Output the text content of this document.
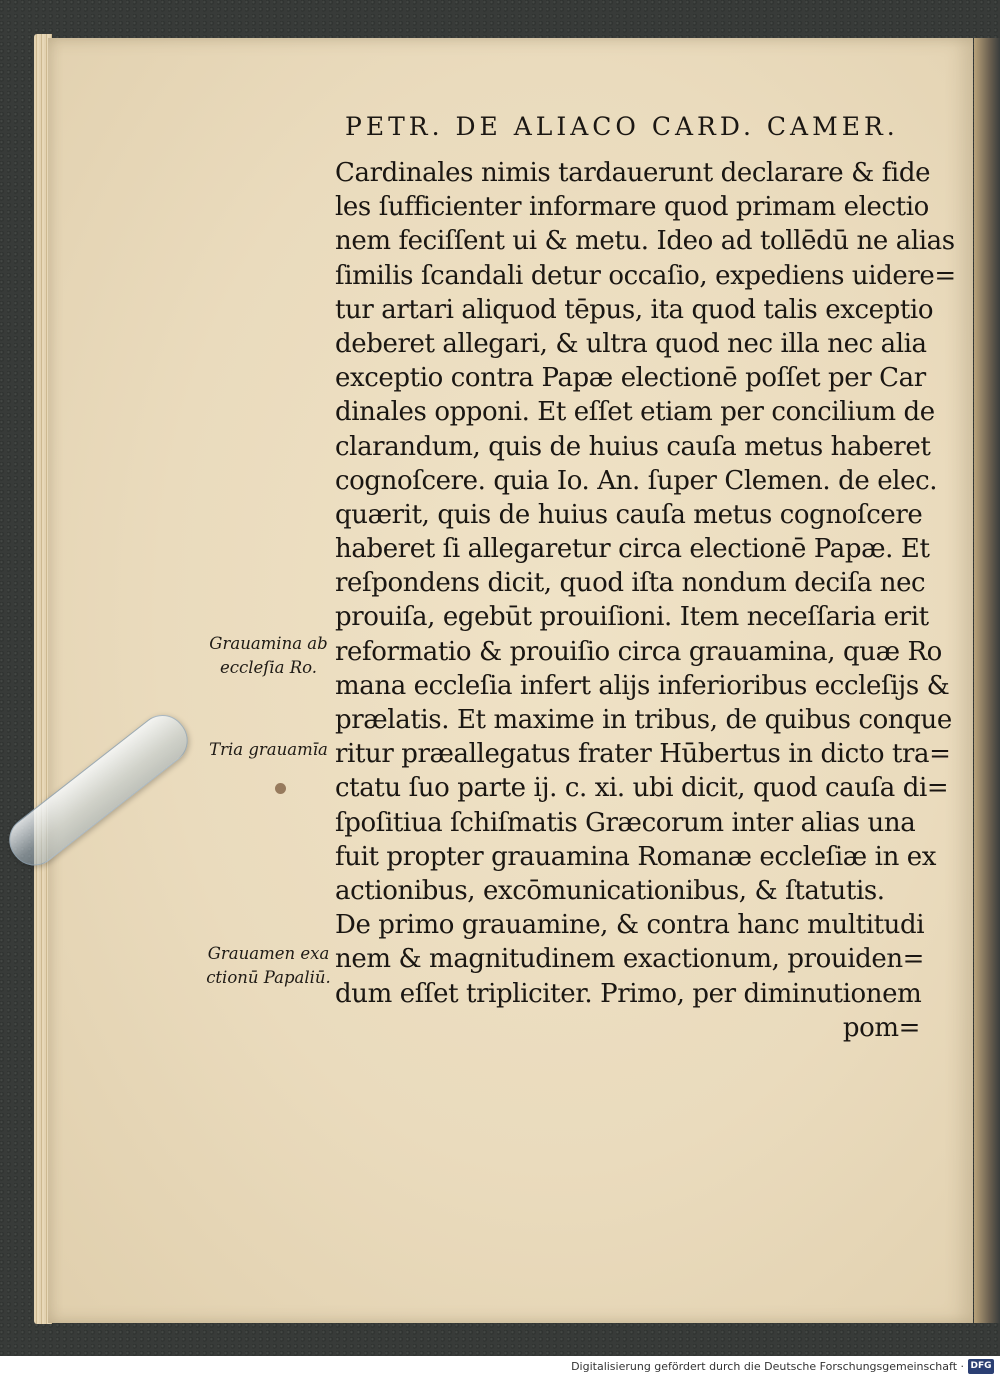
PETR. DE ALIACO CARD. CAMER.
Cardinales nimis tardauerunt declarare & fide
les ſufficienter informare quod primam electio
nem feciſſent ui & metu. Ideo ad tollēdū ne alias
ſimilis ſcandali detur occaſio, expediens uidere=
tur artari aliquod tēpus, ita quod talis exceptio
deberet allegari, & ultra quod nec illa nec alia
exceptio contra Papæ electionē poſſet per Car
dinales opponi. Et eſſet etiam per concilium de
clarandum, quis de huius cauſa metus haberet
cognoſcere. quia Io. An. ſuper Clemen. de elec.
quærit, quis de huius cauſa metus cognoſcere
haberet ſi allegaretur circa electionē Papæ. Et
reſpondens dicit, quod iſta nondum deciſa nec
prouiſa, egebūt prouiſioni. Item neceſſaria erit
reformatio & prouiſio circa grauamina, quæ Ro
mana eccleſia infert alijs inferioribus eccleſijs &
prælatis. Et maxime in tribus, de quibus conque
ritur præallegatus frater Hūbertus in dicto tra=
ctatu ſuo parte ij. c. xi. ubi dicit, quod cauſa di=
ſpoſitiua ſchiſmatis Græcorum inter alias una
fuit propter grauamina Romanæ eccleſiæ in ex
actionibus, excōmunicationibus, & ſtatutis.
De primo grauamine, & contra hanc multitudi
nem & magnitudinem exactionum, prouiden=
dum eſſet tripliciter. Primo, per diminutionem
pom=
Grauamina ab
eccleſia Ro.
Tria grauamīa
Grauamen exa
ctionū Papaliū.
Digitalisierung gefördert durch die Deutsche Forschungsgemeinschaft · DFG
